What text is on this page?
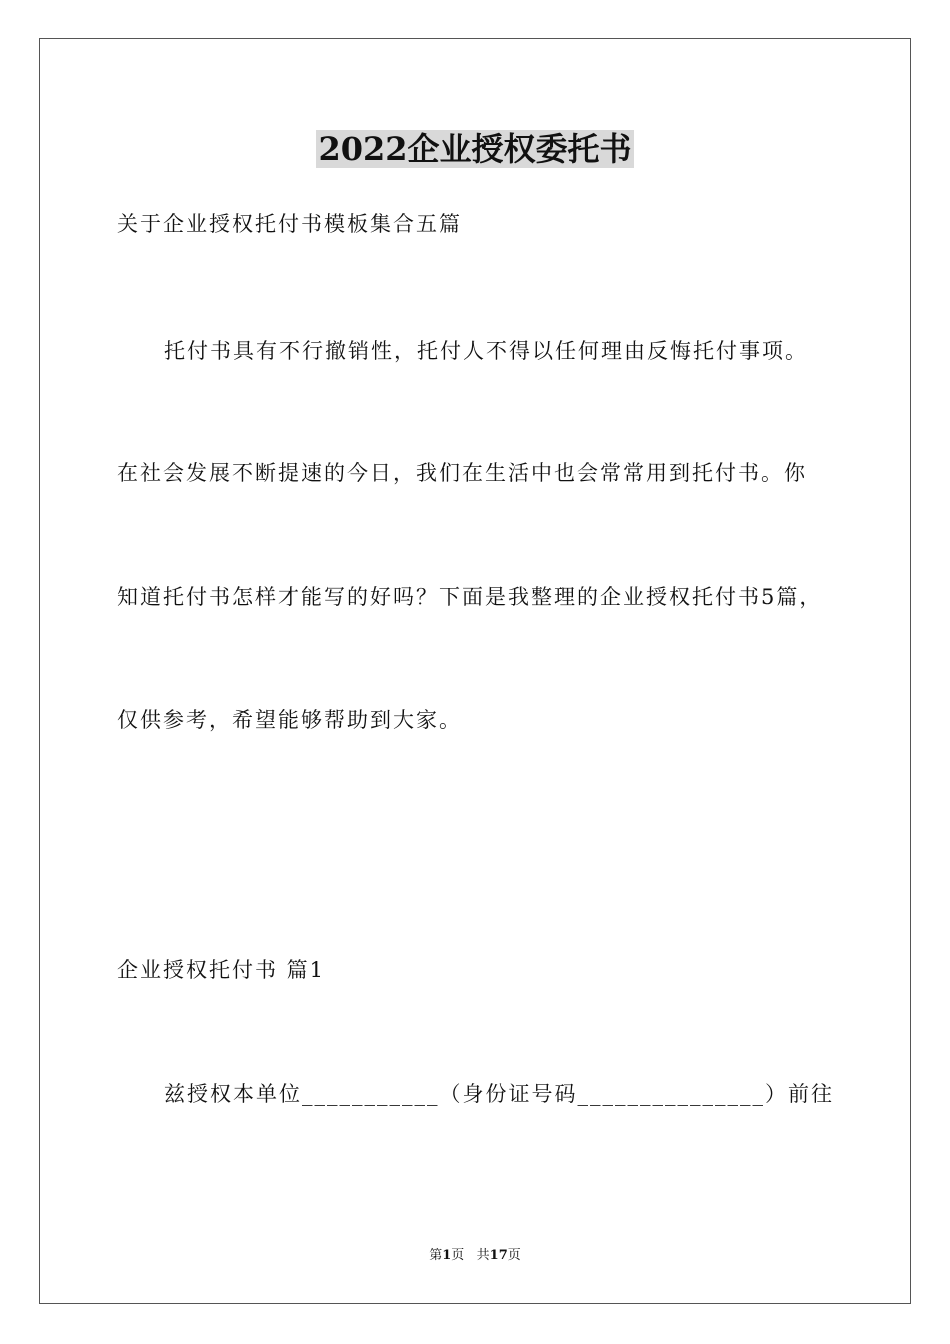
2022企业授权委托书
关于企业授权托付书模板集合五篇
托付书具有不行撤销性，托付人不得以任何理由反悔托付事项。
在社会发展不断提速的今日，我们在生活中也会常常用到托付书。你
知道托付书怎样才能写的好吗？下面是我整理的企业授权托付书5篇，
仅供参考，希望能够帮助到大家。
企业授权托付书 篇1
兹授权本单位___________（身份证号码_______________）前往
第1页   共17页
